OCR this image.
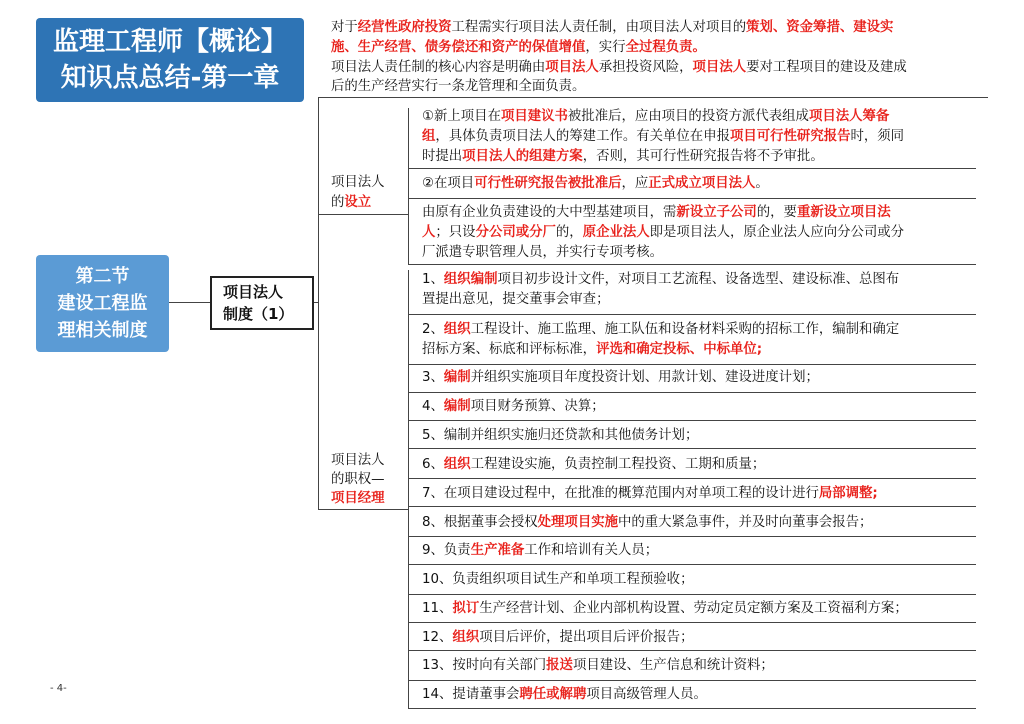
监理工程师【概论】
知识点总结-第一章
第二节
建设工程监
理相关制度
项目法人
制度（1）
对于经营性政府投资工程需实行项目法人责任制，由项目法人对项目的策划、资金筹措、建设实
施、生产经营、债务偿还和资产的保值增值，实行全过程负责。
项目法人责任制的核心内容是明确由项目法人承担投资风险，项目法人要对工程项目的建设及建成
后的生产经营实行一条龙管理和全面负责。
项目法人
的设立
①新上项目在项目建议书被批准后，应由项目的投资方派代表组成项目法人筹备
组，具体负责项目法人的筹建工作。有关单位在申报项目可行性研究报告时，须同
时提出项目法人的组建方案，否则，其可行性研究报告将不予审批。
②在项目可行性研究报告被批准后，应正式成立项目法人。
由原有企业负责建设的大中型基建项目，需新设立子公司的，要重新设立项目法
人；只设分公司或分厂的，原企业法人即是项目法人，原企业法人应向分公司或分
厂派遣专职管理人员，并实行专项考核。
项目法人
的职权—
项目经理
1、组织编制项目初步设计文件，对项目工艺流程、设备选型、建设标准、总图布
置提出意见，提交董事会审查；
2、组织工程设计、施工监理、施工队伍和设备材料采购的招标工作，编制和确定
招标方案、标底和评标标准，评选和确定投标、中标单位;
3、编制并组织实施项目年度投资计划、用款计划、建设进度计划；
4、编制项目财务预算、决算；
5、编制并组织实施归还贷款和其他债务计划；
6、组织工程建设实施，负责控制工程投资、工期和质量；
7、在项目建设过程中，在批准的概算范围内对单项工程的设计进行局部调整;
8、根据董事会授权处理项目实施中的重大紧急事件，并及时向董事会报告；
9、负责生产准备工作和培训有关人员；
10、负责组织项目试生产和单项工程预验收；
11、拟订生产经营计划、企业内部机构设置、劳动定员定额方案及工资福利方案；
12、组织项目后评价，提出项目后评价报告；
13、按时向有关部门报送项目建设、生产信息和统计资料；
14、提请董事会聘任或解聘项目高级管理人员。
- 4-
